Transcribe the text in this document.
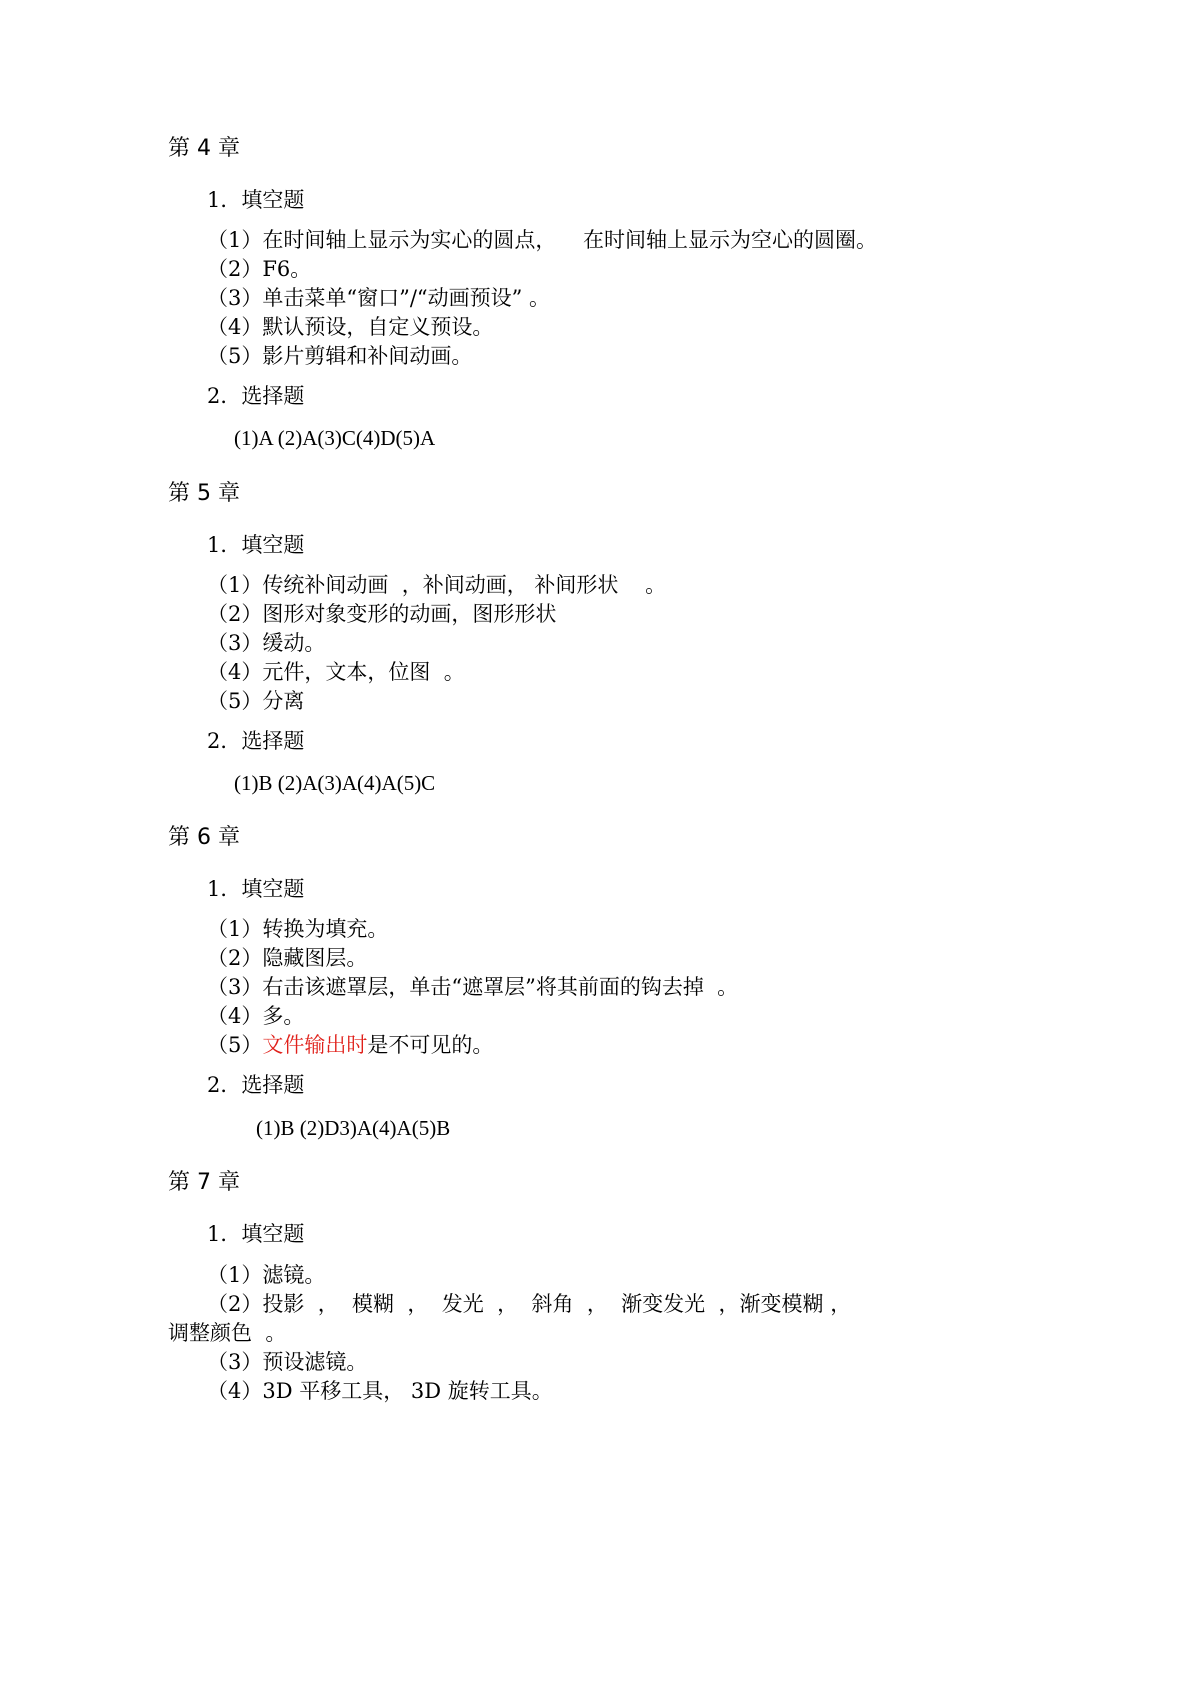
第 4 章
1．填空题
（1）在时间轴上显示为实心的圆点，    在时间轴上显示为空心的圆圈。
（2）F6。
（3）单击菜单“窗口”/“动画预设” 。
（4）默认预设，自定义预设。
（5）影片剪辑和补间动画。
2．选择题
(1)A (2)A(3)C(4)D(5)A
第 5 章
1．填空题
（1）传统补间动画  ，补间动画， 补间形状    。
（2）图形对象变形的动画，图形形状
（3）缓动。
（4）元件，文本，位图  。
（5）分离
2．选择题
(1)B (2)A(3)A(4)A(5)C
第 6 章
1．填空题
（1）转换为填充。
（2）隐藏图层。
（3）右击该遮罩层，单击“遮罩层”将其前面的钩去掉  。
（4）多。
（5）文件输出时是不可见的。
2．选择题
(1)B (2)D3)A(4)A(5)B
第 7 章
1．填空题
（1）滤镜。
（2）投影  ，  模糊  ，  发光  ，  斜角  ，  渐变发光  ，渐变模糊 ，
调整颜色  。
（3）预设滤镜。
（4）3D 平移工具， 3D 旋转工具。
